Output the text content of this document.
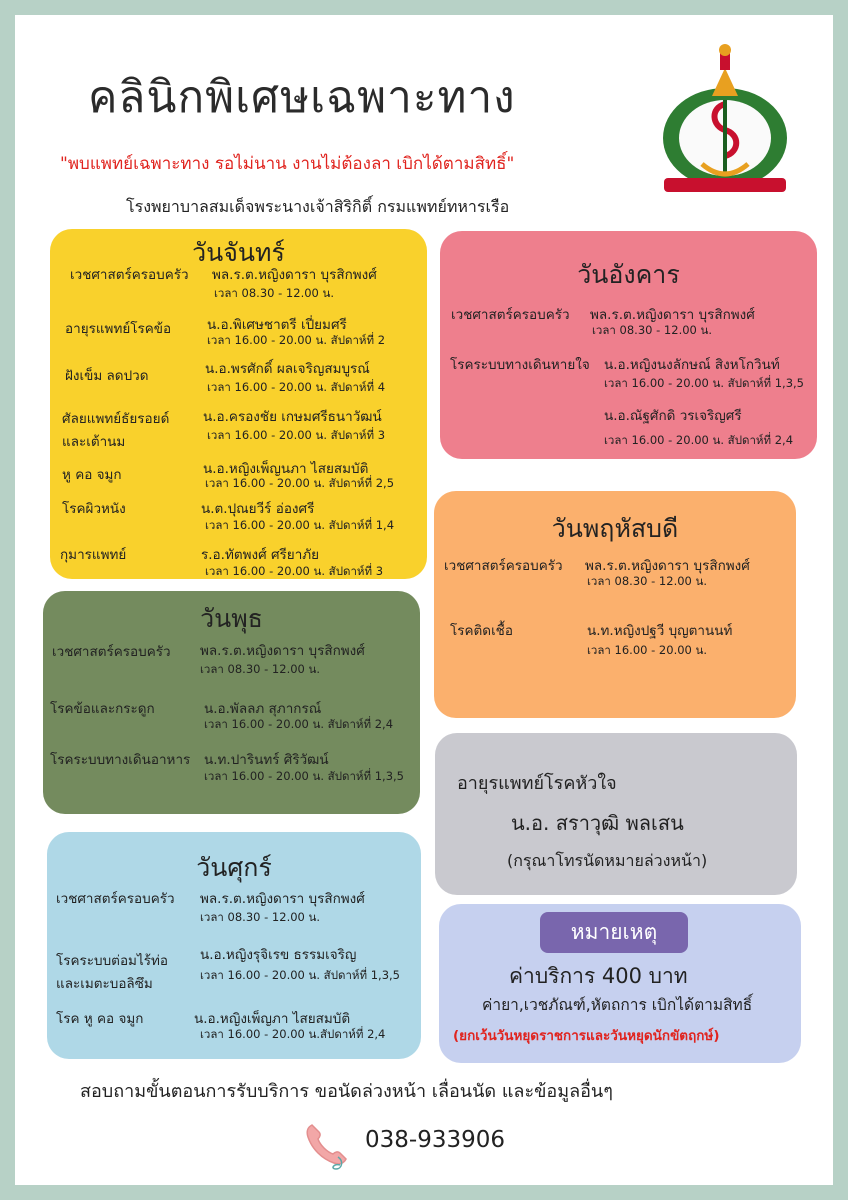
คลินิกพิเศษเฉพาะทาง
"พบแพทย์เฉพาะทาง รอไม่นาน งานไม่ต้องลา เบิกได้ตามสิทธิ์"
โรงพยาบาลสมเด็จพระนางเจ้าสิริกิติ์ กรมแพทย์ทหารเรือ
วันจันทร์
เวชศาสตร์ครอบครัว พล.ร.ต.หญิงดารา บุรสิกพงศ์
เวลา 08.30 - 12.00 น.
อายุรแพทย์โรคข้อ	น.อ.พิเศษชาตรี เปี่ยมศรี
เวลา 16.00 - 20.00 น. สัปดาห์ที่ 2
ฝังเข็ม ลดปวด	น.อ.พรศักดิ์ ผลเจริญสมบูรณ์
เวลา 16.00 - 20.00 น. สัปดาห์ที่ 4
ศัลยแพทย์ธัยรอยด์
และเต้านม
น.อ.ครองชัย เกษมศรีธนาวัฒน์
เวลา 16.00 - 20.00 น. สัปดาห์ที่ 3
หู คอ จมูก	น.อ.หญิงเพ็ญนภา ไสยสมบัติ
เวลา 16.00 - 20.00 น. สัปดาห์ที่ 2,5
โรคผิวหนัง	น.ต.ปุณยวีร์ อ่องศรี
เวลา 16.00 - 20.00 น. สัปดาห์ที่ 1,4
กุมารแพทย์	ร.อ.ทัตพงศ์ ศรียาภัย
เวลา 16.00 - 20.00 น. สัปดาห์ที่ 3
วันอังคาร
เวชศาสตร์ครอบครัว พล.ร.ต.หญิงดารา บุรสิกพงศ์
เวลา 08.30 - 12.00 น.
โรคระบบทางเดินหายใจ น.อ.หญิงนงลักษณ์ สิงหโกวินท์
เวลา 16.00 - 20.00 น. สัปดาห์ที่ 1,3,5
น.อ.ณัฐศักดิ วรเจริญศรี
เวลา 16.00 - 20.00 น. สัปดาห์ที่ 2,4
วันพุธ
เวชศาสตร์ครอบครัว พล.ร.ต.หญิงดารา บุรสิกพงศ์
เวลา 08.30 - 12.00 น.
โรคข้อและกระดูก	น.อ.พัลลภ สุภากรณ์
เวลา 16.00 - 20.00 น. สัปดาห์ที่ 2,4
โรคระบบทางเดินอาหาร น.ท.ปารินทร์ ศิริวัฒน์
เวลา 16.00 - 20.00 น. สัปดาห์ที่ 1,3,5
วันพฤหัสบดี
เวชศาสตร์ครอบครัว พล.ร.ต.หญิงดารา บุรสิกพงศ์
เวลา 08.30 - 12.00 น.
โรคติดเชื้อ	น.ท.หญิงปฐวี บุญตานนท์
เวลา 16.00 - 20.00 น.
อายุรแพทย์โรคหัวใจ
น.อ. สราวุฒิ พลเสน
(กรุณาโทรนัดหมายล่วงหน้า)
วันศุกร์
เวชศาสตร์ครอบครัว พล.ร.ต.หญิงดารา บุรสิกพงศ์
เวลา 08.30 - 12.00 น.
โรคระบบต่อมไร้ท่อ
และเมตะบอลิซึม
น.อ.หญิงรุจิเรข ธรรมเจริญ
เวลา 16.00 - 20.00 น. สัปดาห์ที่ 1,3,5
โรค หู คอ จมูก	น.อ.หญิงเพ็ญภา ไสยสมบัติ
เวลา 16.00 - 20.00 น.สัปดาห์ที่ 2,4
หมายเหตุ
ค่าบริการ 400 บาท
ค่ายา,เวชภัณฑ์,หัตถการ เบิกได้ตามสิทธิ์
(ยกเว้นวันหยุดราชการและวันหยุดนักขัตฤกษ์)
สอบถามขั้นตอนการรับบริการ ขอนัดล่วงหน้า เลื่อนนัด และข้อมูลอื่นๆ
038-933906
